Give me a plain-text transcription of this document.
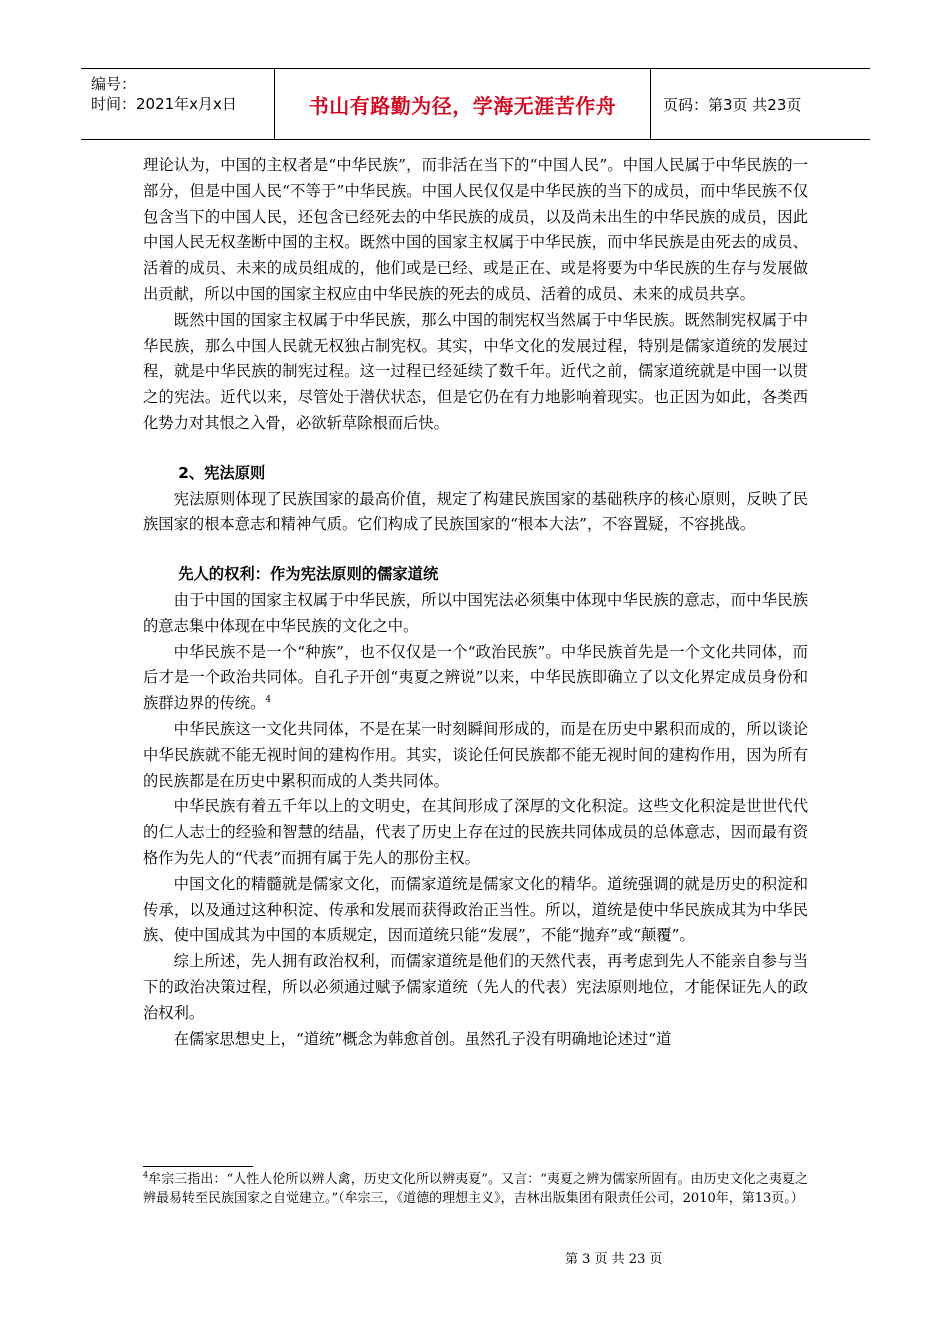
编号：
时间：2021年x月x日	书山有路勤为径，学海无涯苦作舟	页码：第3页 共23页

理论认为，中国的主权者是“中华民族”，而非活在当下的“中国人民”。中国人民属于中华民族的一部分，但是中国人民“不等于”中华民族。中国人民仅仅是中华民族的当下的成员，而中华民族不仅包含当下的中国人民，还包含已经死去的中华民族的成员，以及尚未出生的中华民族的成员，因此中国人民无权垄断中国的主权。既然中国的国家主权属于中华民族，而中华民族是由死去的成员、活着的成员、未来的成员组成的，他们或是已经、或是正在、或是将要为中华民族的生存与发展做出贡献，所以中国的国家主权应由中华民族的死去的成员、活着的成员、未来的成员共享。

既然中国的国家主权属于中华民族，那么中国的制宪权当然属于中华民族。既然制宪权属于中华民族，那么中国人民就无权独占制宪权。其实，中华文化的发展过程，特别是儒家道统的发展过程，就是中华民族的制宪过程。这一过程已经延续了数千年。近代之前，儒家道统就是中国一以贯之的宪法。近代以来，尽管处于潜伏状态，但是它仍在有力地影响着现实。也正因为如此，各类西化势力对其恨之入骨，必欲斩草除根而后快。

2、宪法原则

宪法原则体现了民族国家的最高价值，规定了构建民族国家的基础秩序的核心原则，反映了民族国家的根本意志和精神气质。它们构成了民族国家的“根本大法”，不容置疑，不容挑战。

先人的权利：作为宪法原则的儒家道统

由于中国的国家主权属于中华民族，所以中国宪法必须集中体现中华民族的意志，而中华民族的意志集中体现在中华民族的文化之中。

中华民族不是一个“种族”，也不仅仅是一个“政治民族”。中华民族首先是一个文化共同体，而后才是一个政治共同体。自孔子开创“夷夏之辨说”以来，中华民族即确立了以文化界定成员身份和族群边界的传统。$^4$

中华民族这一文化共同体，不是在某一时刻瞬间形成的，而是在历史中累积而成的，所以谈论中华民族就不能无视时间的建构作用。其实，谈论任何民族都不能无视时间的建构作用，因为所有的民族都是在历史中累积而成的人类共同体。

中华民族有着五千年以上的文明史，在其间形成了深厚的文化积淀。这些文化积淀是世世代代的仁人志士的经验和智慧的结晶，代表了历史上存在过的民族共同体成员的总体意志，因而最有资格作为先人的“代表”而拥有属于先人的那份主权。

中国文化的精髓就是儒家文化，而儒家道统是儒家文化的精华。道统强调的就是历史的积淀和传承，以及通过这种积淀、传承和发展而获得政治正当性。所以，道统是使中华民族成其为中华民族、使中国成其为中国的本质规定，因而道统只能“发展”，不能“抛弃”或“颠覆”。

综上所述，先人拥有政治权利，而儒家道统是他们的天然代表，再考虑到先人不能亲自参与当下的政治决策过程，所以必须通过赋予儒家道统（先人的代表）宪法原则地位，才能保证先人的政治权利。

在儒家思想史上，“道统”概念为韩愈首创。虽然孔子没有明确地论述过“道

$^4$牟宗三指出：“人性人伦所以辨人禽，历史文化所以辨夷夏”。又言：“夷夏之辨为儒家所固有。由历史文化之夷夏之辨最易转至民族国家之自觉建立。”（牟宗三，《道德的理想主义》，吉林出版集团有限责任公司，2010年，第13页。）

第 3 页 共 23 页
